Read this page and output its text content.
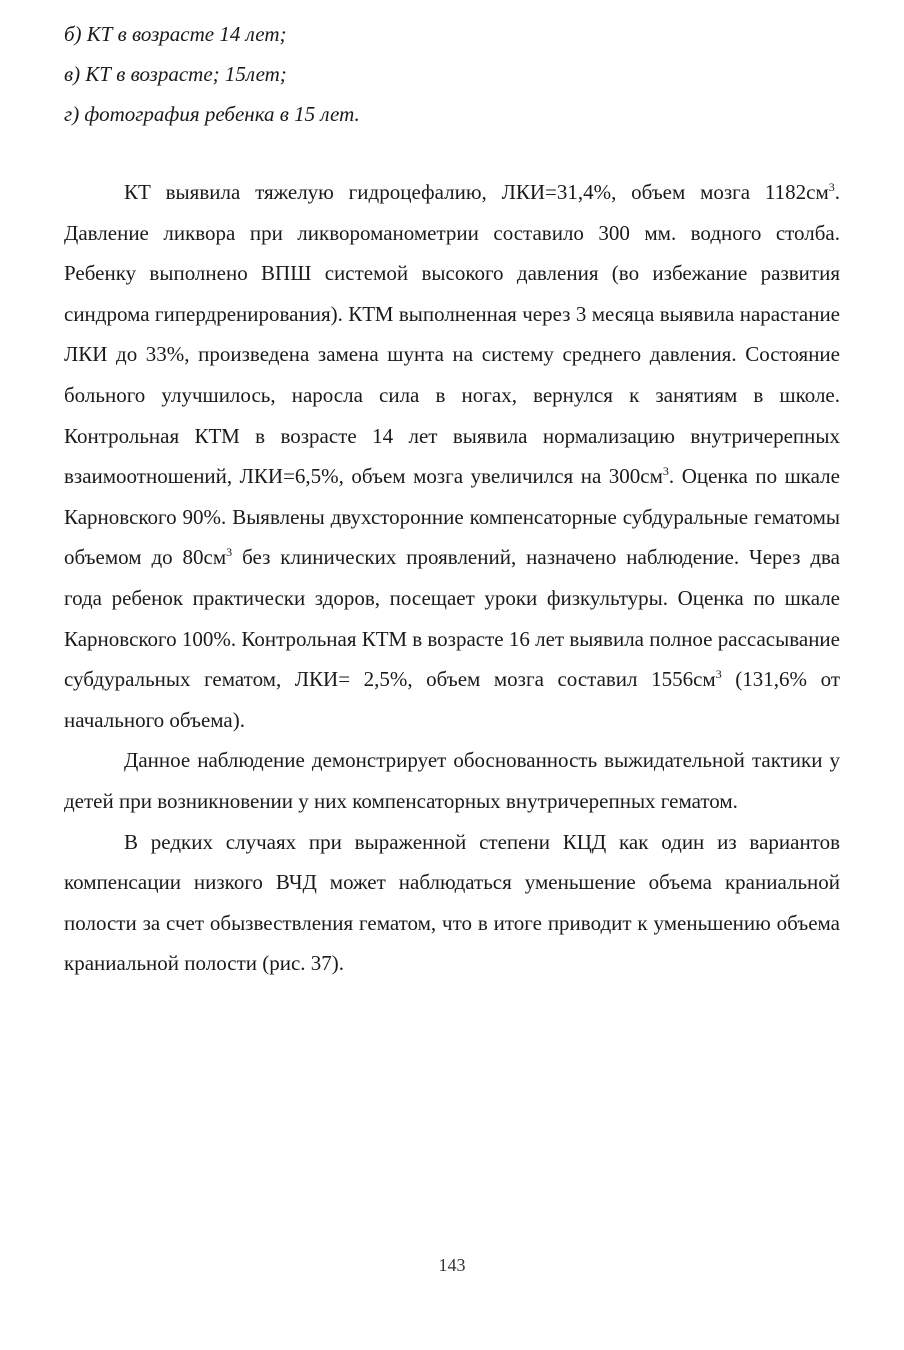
б) КТ в возрасте 14 лет;
в) КТ в возрасте; 15лет;
г) фотография ребенка в 15 лет.

КТ выявила тяжелую гидроцефалию, ЛКИ=31,4%, объем мозга $1182см^3$. Давление ликвора при ликвороманометрии составило 300 мм. водного столба. Ребенку выполнено ВПШ системой высокого давления (во избежание развития синдрома гипердренирования). КТМ выполненная через 3 месяца выявила нарастание ЛКИ до 33%, произведена замена шунта на систему среднего давления. Состояние больного улучшилось, наросла сила в ногах, вернулся к занятиям в школе. Контрольная КТМ в возрасте 14 лет выявила нормализацию внутричерепных взаимоотношений, ЛКИ=6,5%, объем мозга увеличился на $300см^3$. Оценка по шкале Карновского 90%. Выявлены двухсторонние компенсаторные субдуральные гематомы объемом до $80см^3$ без клинических проявлений, назначено наблюдение. Через два года ребенок практически здоров, посещает уроки физкультуры. Оценка по шкале Карновского 100%. Контрольная КТМ в возрасте 16 лет выявила полное рассасывание субдуральных гематом, ЛКИ= 2,5%, объем мозга составил $1556см^3$ (131,6% от начального объема).

Данное наблюдение демонстрирует обоснованность выжидательной тактики у детей при возникновении у них компенсаторных внутричерепных гематом.

В редких случаях при выраженной степени КЦД как один из вариантов компенсации низкого ВЧД может наблюдаться уменьшение объема краниальной полости за счет обызвествления гематом, что в итоге приводит к уменьшению объема краниальной полости (рис. 37).

143
